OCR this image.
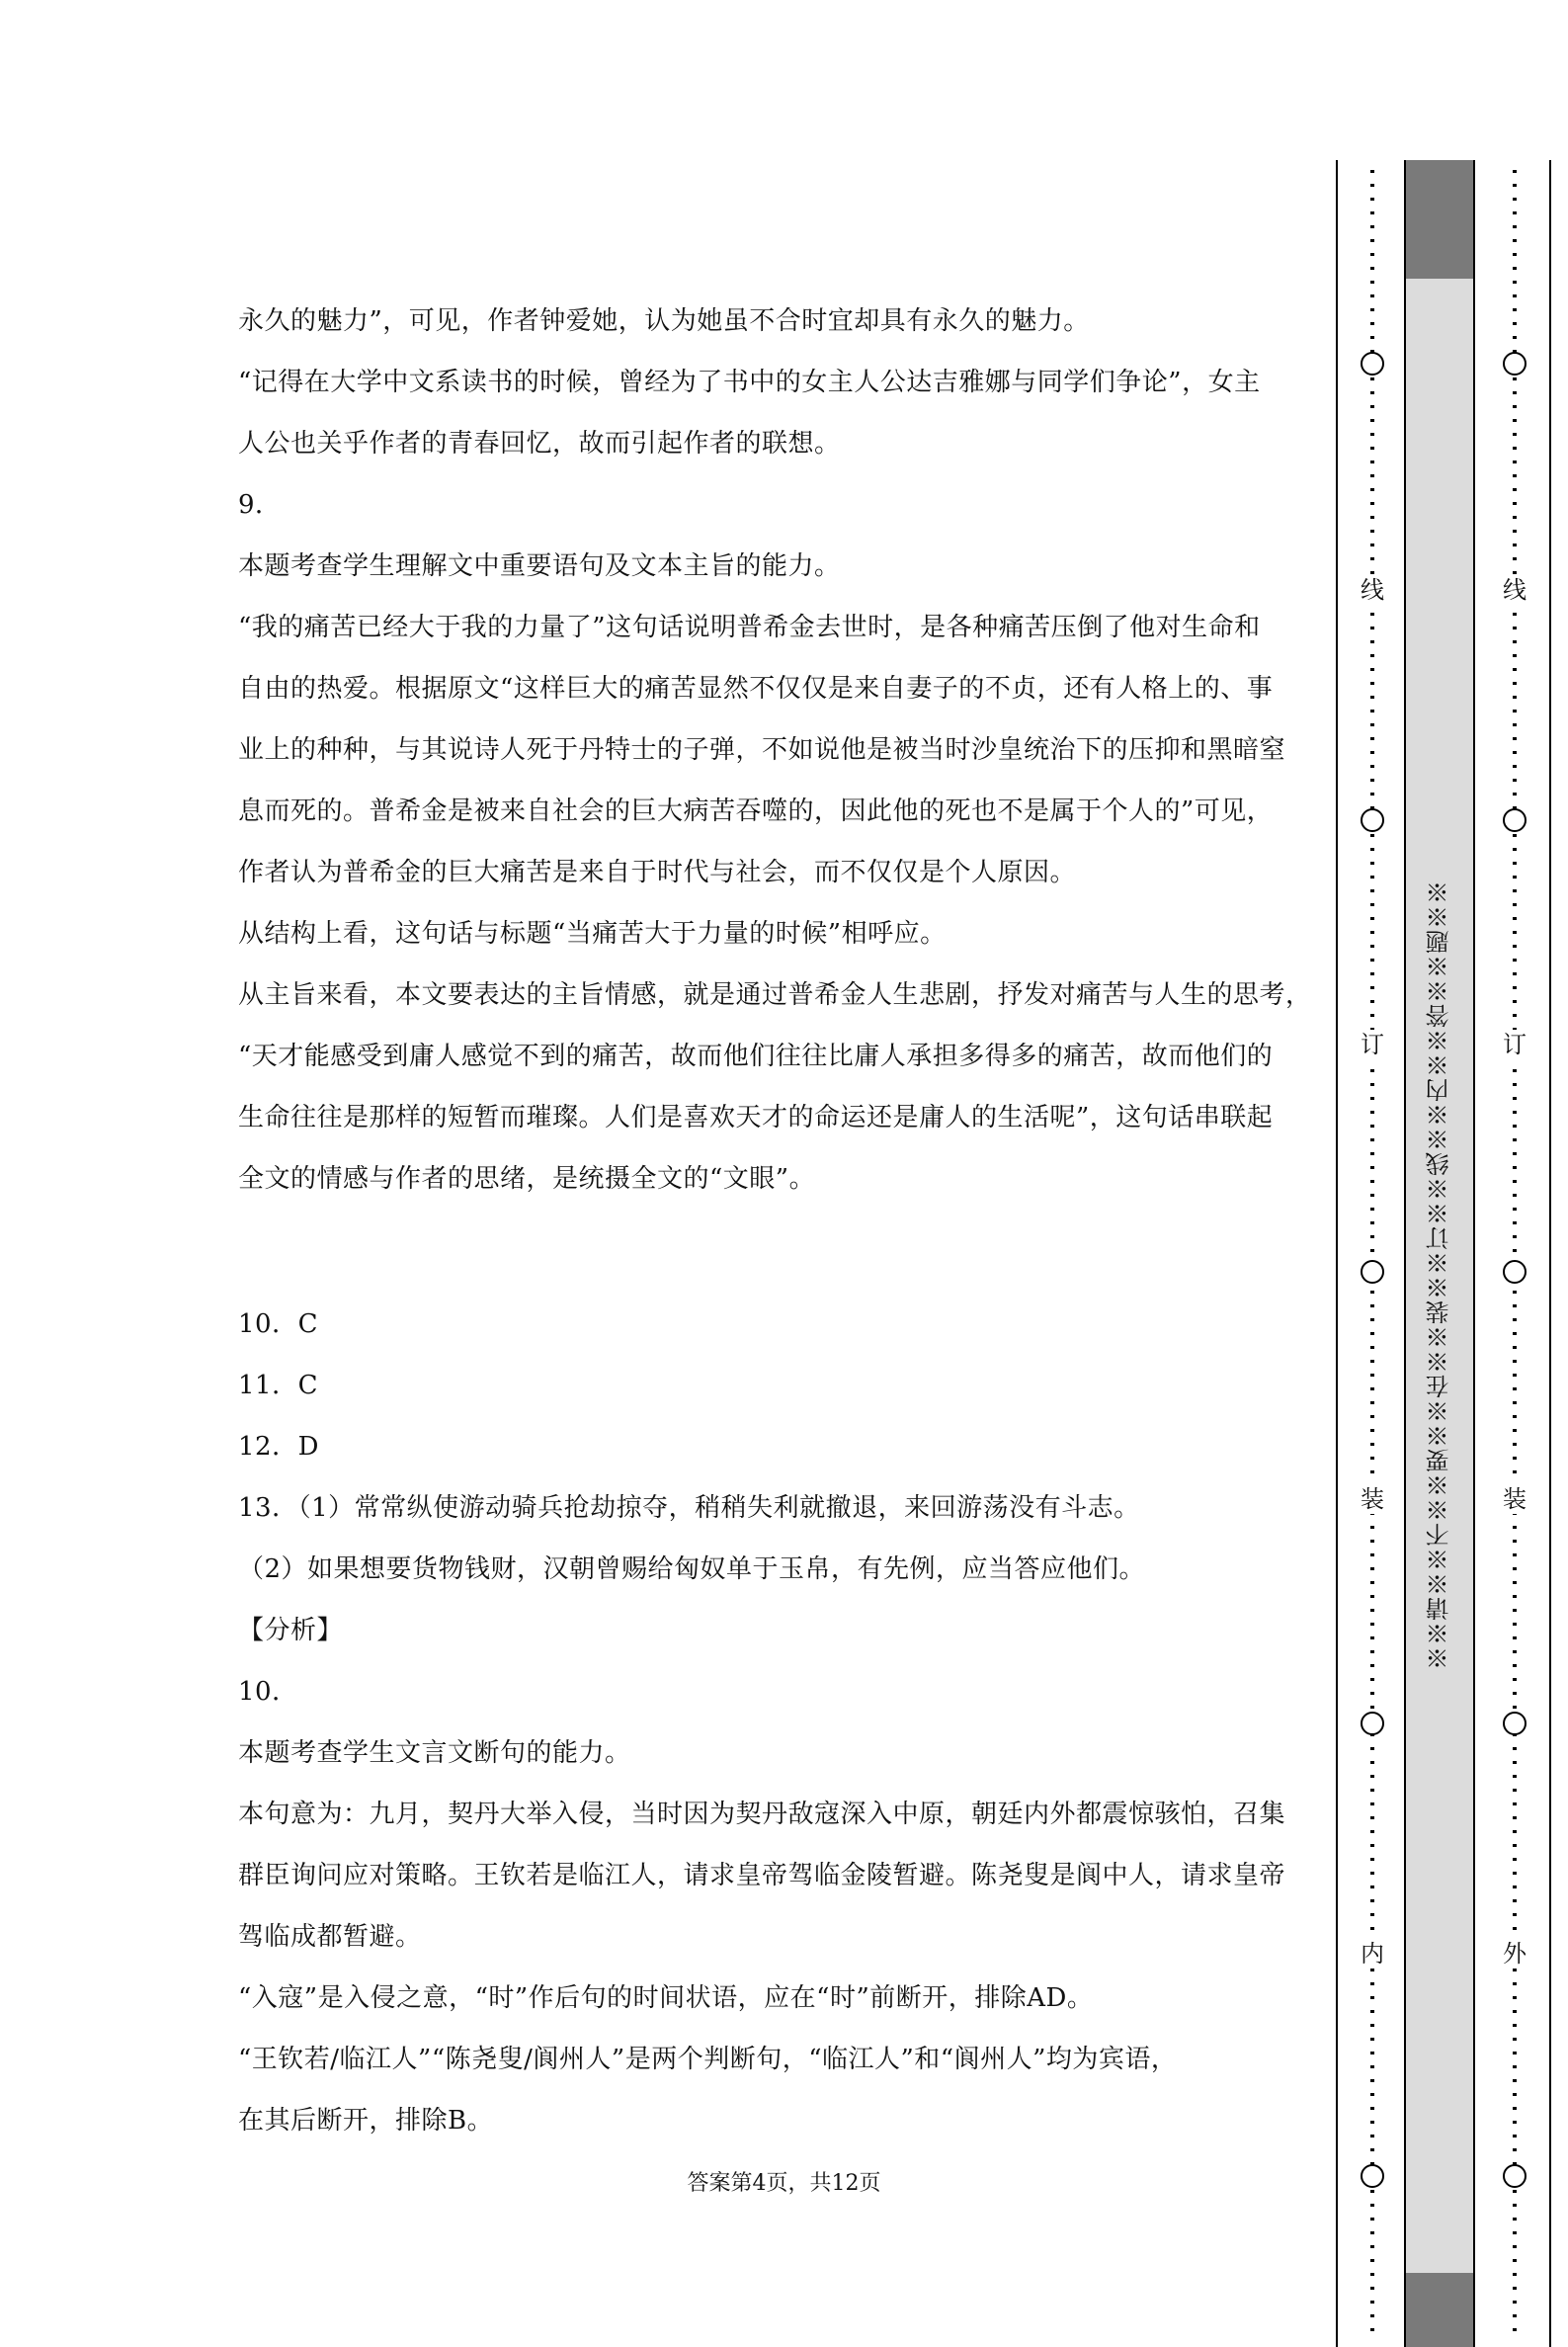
永久的魅力”，可见，作者钟爱她，认为她虽不合时宜却具有永久的魅力。
“记得在大学中文系读书的时候，曾经为了书中的女主人公达吉雅娜与同学们争论”，女主
人公也关乎作者的青春回忆，故而引起作者的联想。
9．
本题考查学生理解文中重要语句及文本主旨的能力。
“我的痛苦已经大于我的力量了”这句话说明普希金去世时，是各种痛苦压倒了他对生命和
自由的热爱。根据原文“这样巨大的痛苦显然不仅仅是来自妻子的不贞，还有人格上的、事
业上的种种，与其说诗人死于丹特士的子弹，不如说他是被当时沙皇统治下的压抑和黑暗窒
息而死的。普希金是被来自社会的巨大病苦吞噬的，因此他的死也不是属于个人的”可见，
作者认为普希金的巨大痛苦是来自于时代与社会，而不仅仅是个人原因。
从结构上看，这句话与标题“当痛苦大于力量的时候”相呼应。
从主旨来看，本文要表达的主旨情感，就是通过普希金人生悲剧，抒发对痛苦与人生的思考，
“天才能感受到庸人感觉不到的痛苦，故而他们往往比庸人承担多得多的痛苦，故而他们的
生命往往是那样的短暂而璀璨。人们是喜欢天才的命运还是庸人的生活呢”，这句话串联起
全文的情感与作者的思绪，是统摄全文的“文眼”。
10．C
11．C
12．D
13．（1）常常纵使游动骑兵抢劫掠夺，稍稍失利就撤退，来回游荡没有斗志。
（2）如果想要货物钱财，汉朝曾赐给匈奴单于玉帛，有先例，应当答应他们。
【分析】
10．
本题考查学生文言文断句的能力。
本句意为：九月，契丹大举入侵，当时因为契丹敌寇深入中原，朝廷内外都震惊骇怕，召集
群臣询问应对策略。王钦若是临江人，请求皇帝驾临金陵暂避。陈尧叟是阆中人，请求皇帝
驾临成都暂避。
“入寇”是入侵之意，“时”作后句的时间状语，应在“时”前断开，排除AD。
“王钦若/临江人”“陈尧叟/阆州人”是两个判断句，“临江人”和“阆州人”均为宾语，
在其后断开，排除B。
答案第4页，共12页
线
订
装
内
※※请※※不※※要※※在※※装※※订※※线※※内※※答※※题※※
线
订
装
外
